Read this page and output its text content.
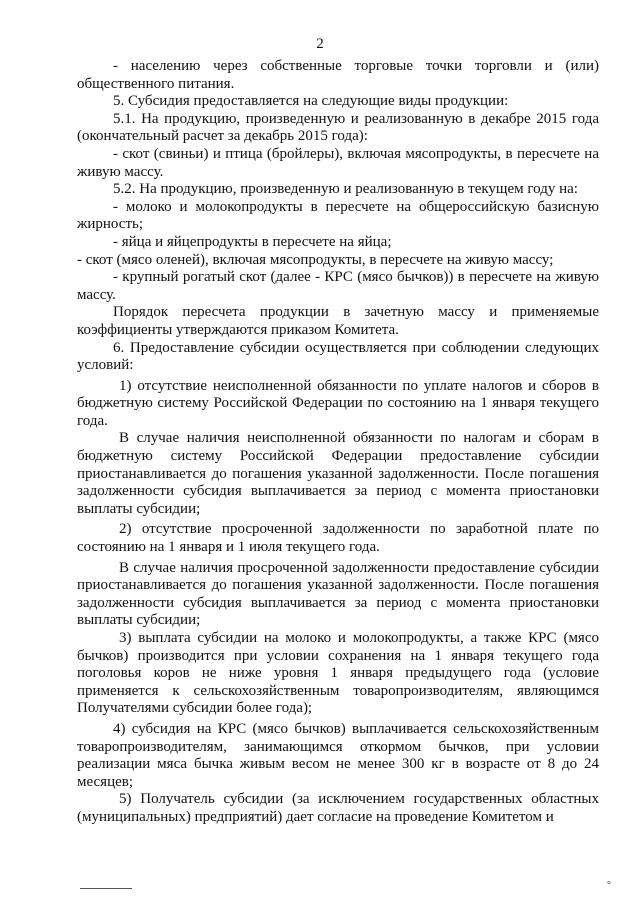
2

- населению через собственные торговые точки торговли и (или) общественного питания.

5. Субсидия предоставляется на следующие виды продукции:

5.1. На продукцию, произведенную и реализованную в декабре 2015 года (окончательный расчет за декабрь 2015 года):

- скот (свиньи) и птица (бройлеры), включая мясопродукты, в пересчете на живую массу.

5.2. На продукцию, произведенную и реализованную в текущем году на:

- молоко и молокопродукты в пересчете на общероссийскую базисную жирность;

- яйца и яйцепродукты в пересчете на яйца;

- скот (мясо оленей), включая мясопродукты, в пересчете на живую массу;

- крупный рогатый скот (далее - КРС (мясо бычков)) в пересчете на живую массу.

Порядок пересчета продукции в зачетную массу и применяемые коэффициенты утверждаются приказом Комитета.

6. Предоставление субсидии осуществляется при соблюдении следующих условий:

1) отсутствие неисполненной обязанности по уплате налогов и сборов в бюджетную систему Российской Федерации по состоянию на 1 января текущего года.

В случае наличия неисполненной обязанности по налогам и сборам в бюджетную систему Российской Федерации предоставление субсидии приостанавливается до погашения указанной задолженности. После погашения задолженности субсидия выплачивается за период с момента приостановки выплаты субсидии;

2) отсутствие просроченной задолженности по заработной плате по состоянию на 1 января и 1 июля текущего года.

В случае наличия просроченной задолженности предоставление субсидии приостанавливается до погашения указанной задолженности. После погашения задолженности субсидия выплачивается за период с момента приостановки выплаты субсидии;

3) выплата субсидии на молоко и молокопродукты, а также КРС (мясо бычков) производится при условии сохранения на 1 января текущего года поголовья коров не ниже уровня 1 января предыдущего года (условие применяется к сельскохозяйственным товаропроизводителям, являющимся Получателями субсидии более года);

4) субсидия на КРС (мясо бычков) выплачивается сельскохозяйственным товаропроизводителям, занимающимся откормом бычков, при условии реализации мяса бычка живым весом не менее 300 кг в возрасте от 8 до 24 месяцев;

5) Получатель субсидии (за исключением государственных областных (муниципальных) предприятий) дает согласие на проведение Комитетом и

°
